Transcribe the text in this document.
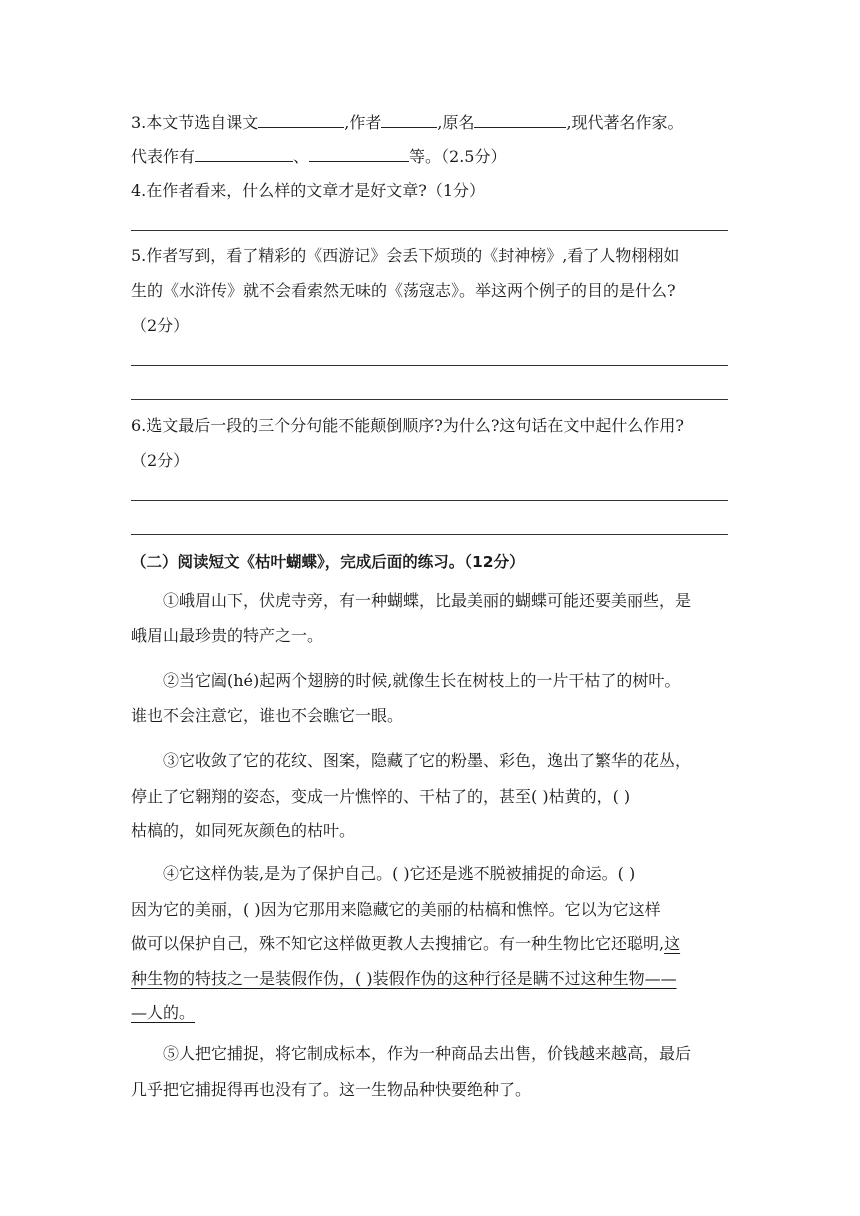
3.本文节选自课文	,作者	,原名	,现代著名作家。
代表作有	、	等。（2.5分）
4.在作者看来，什么样的文章才是好文章?（1分）
5.作者写到，看了精彩的《西游记》会丢下烦琐的《封神榜》,看了人物栩栩如
生的《水浒传》就不会看索然无味的《荡寇志》。举这两个例子的目的是什么?
（2分）
6.选文最后一段的三个分句能不能颠倒顺序?为什么?这句话在文中起什么作用?
（2分）
（二）阅读短文《枯叶蝴蝶》，完成后面的练习。（12分）
①峨眉山下，伏虎寺旁，有一种蝴蝶，比最美丽的蝴蝶可能还要美丽些，是
峨眉山最珍贵的特产之一。
②当它阖(hé)起两个翅膀的时候,就像生长在树枝上的一片干枯了的树叶。
谁也不会注意它，谁也不会瞧它一眼。
③它收敛了它的花纹、图案，隐藏了它的粉墨、彩色，逸出了繁华的花丛，
停止了它翱翔的姿态，变成一片憔悴的、干枯了的，甚至( )枯黄的，( )
枯槁的，如同死灰颜色的枯叶。
④它这样伪装,是为了保护自己。( )它还是逃不脱被捕捉的命运。( )
因为它的美丽，( )因为它那用来隐藏它的美丽的枯槁和憔悴。它以为它这样
做可以保护自己，殊不知它这样做更教人去搜捕它。有一种生物比它还聪明,这
种生物的特技之一是装假作伪，( )装假作伪的这种行径是瞒不过这种生物——
—人的。
⑤人把它捕捉，将它制成标本，作为一种商品去出售，价钱越来越高，最后
几乎把它捕捉得再也没有了。这一生物品种快要绝种了。
